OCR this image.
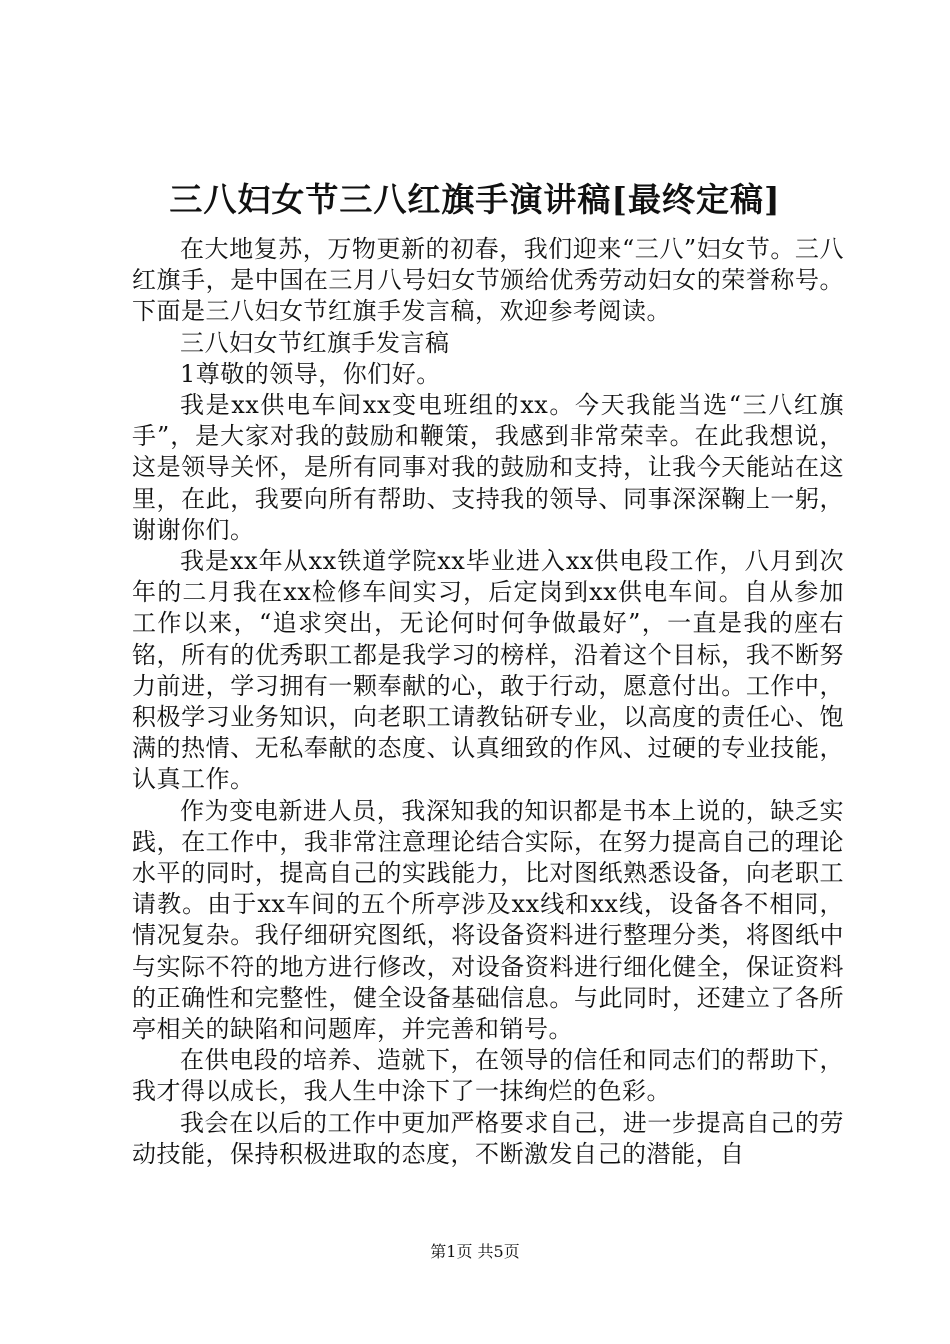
三八妇女节三八红旗手演讲稿[最终定稿]

在大地复苏，万物更新的初春，我们迎来“三八”妇女节。三八红旗手，是中国在三月八号妇女节颁给优秀劳动妇女的荣誉称号。下面是三八妇女节红旗手发言稿，欢迎参考阅读。

三八妇女节红旗手发言稿

1尊敬的领导，你们好。

我是xx供电车间xx变电班组的xx。今天我能当选“三八红旗手”，是大家对我的鼓励和鞭策，我感到非常荣幸。在此我想说，这是领导关怀，是所有同事对我的鼓励和支持，让我今天能站在这里，在此，我要向所有帮助、支持我的领导、同事深深鞠上一躬，谢谢你们。

我是xx年从xx铁道学院xx毕业进入xx供电段工作，八月到次年的二月我在xx检修车间实习，后定岗到xx供电车间。自从参加工作以来，“追求突出，无论何时何争做最好”，一直是我的座右铭，所有的优秀职工都是我学习的榜样，沿着这个目标，我不断努力前进，学习拥有一颗奉献的心，敢于行动，愿意付出。工作中，积极学习业务知识，向老职工请教钻研专业，以高度的责任心、饱满的热情、无私奉献的态度、认真细致的作风、过硬的专业技能，认真工作。

作为变电新进人员，我深知我的知识都是书本上说的，缺乏实践，在工作中，我非常注意理论结合实际，在努力提高自己的理论水平的同时，提高自己的实践能力，比对图纸熟悉设备，向老职工请教。由于xx车间的五个所亭涉及xx线和xx线，设备各不相同，情况复杂。我仔细研究图纸，将设备资料进行整理分类，将图纸中与实际不符的地方进行修改，对设备资料进行细化健全，保证资料的正确性和完整性，健全设备基础信息。与此同时，还建立了各所亭相关的缺陷和问题库，并完善和销号。

在供电段的培养、造就下，在领导的信任和同志们的帮助下，我才得以成长，我人生中涂下了一抹绚烂的色彩。

我会在以后的工作中更加严格要求自己，进一步提高自己的劳动技能，保持积极进取的态度，不断激发自己的潜能，自

第1页 共5页
